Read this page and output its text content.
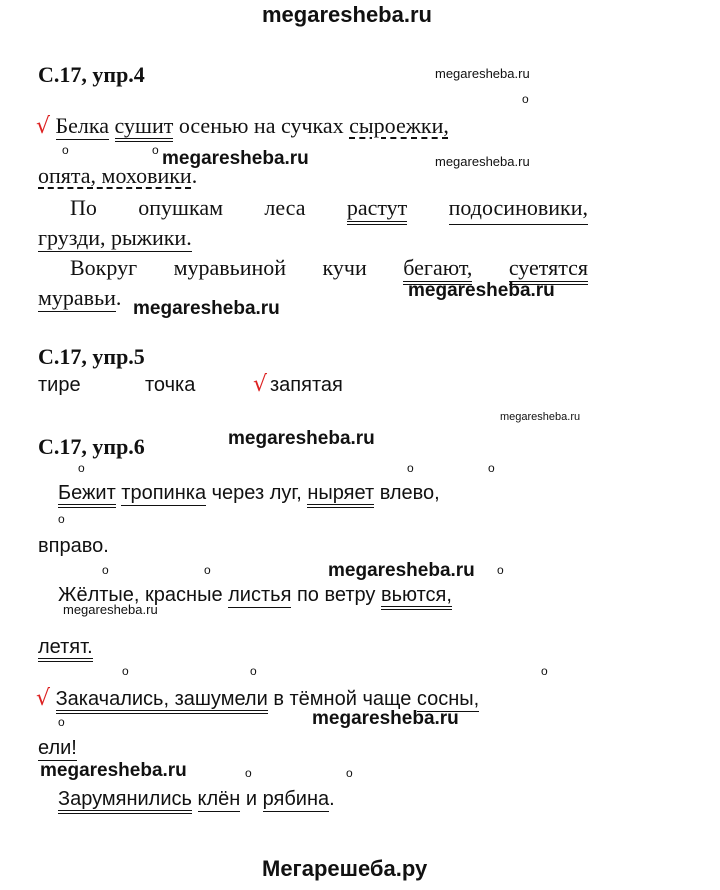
megaresheba.ru
С.17, упр.4	megaresheba.ru
о
√ Белка сушит осенью на сучках сыроежки,
о	о megaresheba.ru	megaresheba.ru
опята, моховики.
По опушкам леса растут подосиновики,
грузди, рыжики.
Вокруг муравьиной кучи бегают, суетятся
муравьи.	megaresheba.ru
megaresheba.ru
С.17, упр.5
тире	точка	√ запятая
megaresheba.ru
С.17, упр.6	megaresheba.ru
о	о	о
Бежит тропинка через луг, ныряет влево,
о
вправо.
о	о	о
megaresheba.ru
Жёлтые, красные листья по ветру вьются,
megaresheba.ru
летят.
о	о	о
√ Закачались, зашумели в тёмной чаще сосны,
о	megaresheba.ru
ели!
megaresheba.ru	о	о
Зарумянились клён и рябина.
Мегарешеба.ру
